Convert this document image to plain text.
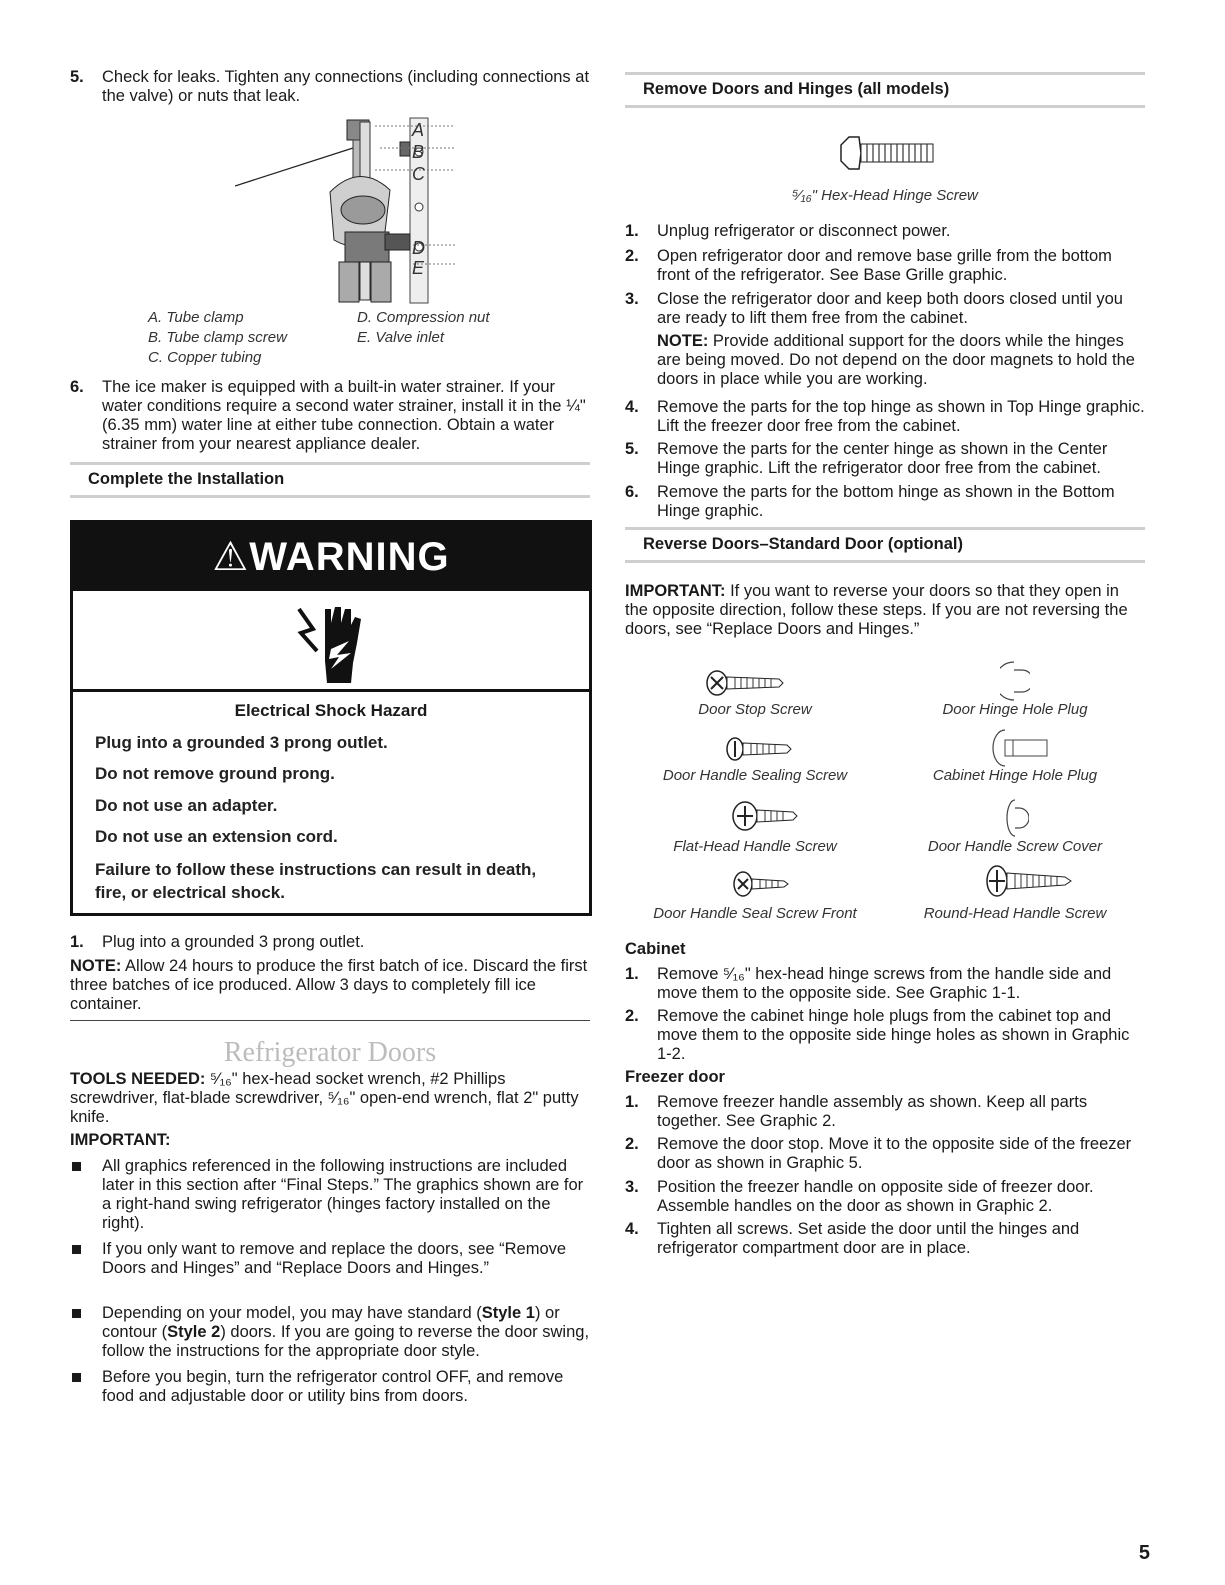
5.	Check for leaks. Tighten any connections (including connections at the valve) or nuts that leak.
A
B
C
D
E
A. Tube clamp
B. Tube clamp screw
C. Copper tubing
D. Compression nut
E. Valve inlet
6.	The ice maker is equipped with a built-in water strainer. If your water conditions require a second water strainer, install it in the ¼" (6.35 mm) water line at either tube connection. Obtain a water strainer from your nearest appliance dealer.
Complete the Installation
⚠WARNING
Electrical Shock Hazard
Plug into a grounded 3 prong outlet.
Do not remove ground prong.
Do not use an adapter.
Do not use an extension cord.
Failure to follow these instructions can result in death, fire, or electrical shock.
1.	Plug into a grounded 3 prong outlet.
NOTE: Allow 24 hours to produce the first batch of ice. Discard the first three batches of ice produced. Allow 3 days to completely fill ice container.
Refrigerator Doors
TOOLS NEEDED: ⁵⁄₁₆" hex-head socket wrench, #2 Phillips screwdriver, flat-blade screwdriver, ⁵⁄₁₆" open-end wrench, flat 2" putty knife.
IMPORTANT:
All graphics referenced in the following instructions are included later in this section after “Final Steps.” The graphics shown are for a right-hand swing refrigerator (hinges factory installed on the right).
If you only want to remove and replace the doors, see “Remove Doors and Hinges” and “Replace Doors and Hinges.”
Depending on your model, you may have standard (Style 1) or contour (Style 2) doors. If you are going to reverse the door swing, follow the instructions for the appropriate door style.
Before you begin, turn the refrigerator control OFF, and remove food and adjustable door or utility bins from doors.
Remove Doors and Hinges (all models)
⁵⁄₁₆" Hex-Head Hinge Screw
1.	Unplug refrigerator or disconnect power.
2.	Open refrigerator door and remove base grille from the bottom front of the refrigerator. See Base Grille graphic.
3.	Close the refrigerator door and keep both doors closed until you are ready to lift them free from the cabinet.
NOTE: Provide additional support for the doors while the hinges are being moved. Do not depend on the door magnets to hold the doors in place while you are working.
4.	Remove the parts for the top hinge as shown in Top Hinge graphic. Lift the freezer door free from the cabinet.
5.	Remove the parts for the center hinge as shown in the Center Hinge graphic. Lift the refrigerator door free from the cabinet.
6.	Remove the parts for the bottom hinge as shown in the Bottom Hinge graphic.
Reverse Doors–Standard Door (optional)
IMPORTANT: If you want to reverse your doors so that they open in the opposite direction, follow these steps. If you are not reversing the doors, see “Replace Doors and Hinges.”
Door Stop Screw	Door Hinge Hole Plug
Door Handle Sealing Screw	Cabinet Hinge Hole Plug
Flat-Head Handle Screw	Door Handle Screw Cover
Door Handle Seal Screw Front	Round-Head Handle Screw
Cabinet
1.	Remove ⁵⁄₁₆" hex-head hinge screws from the handle side and move them to the opposite side. See Graphic 1-1.
2.	Remove the cabinet hinge hole plugs from the cabinet top and move them to the opposite side hinge holes as shown in Graphic 1-2.
Freezer door
1.	Remove freezer handle assembly as shown. Keep all parts together. See Graphic 2.
2.	Remove the door stop. Move it to the opposite side of the freezer door as shown in Graphic 5.
3.	Position the freezer handle on opposite side of freezer door. Assemble handles on the door as shown in Graphic 2.
4.	Tighten all screws. Set aside the door until the hinges and refrigerator compartment door are in place.
5
